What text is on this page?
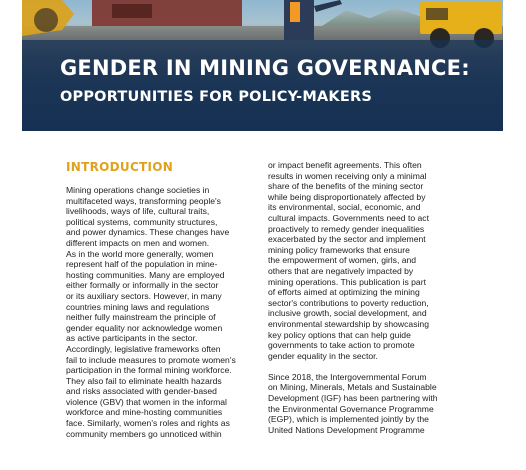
GENDER IN MINING GOVERNANCE:
OPPORTUNITIES FOR POLICY-MAKERS
INTRODUCTION
Mining operations change societies in
multifaceted ways, transforming people's
livelihoods, ways of life, cultural traits,
political systems, community structures,
and power dynamics. These changes have
different impacts on men and women.
As in the world more generally, women
represent half of the population in mine-
hosting communities. Many are employed
either formally or informally in the sector
or its auxiliary sectors. However, in many
countries mining laws and regulations
neither fully mainstream the principle of
gender equality nor acknowledge women
as active participants in the sector.
Accordingly, legislative frameworks often
fail to include measures to promote women's
participation in the formal mining workforce.
They also fail to eliminate health hazards
and risks associated with gender-based
violence (GBV) that women in the informal
workforce and mine-hosting communities
face. Similarly, women's roles and rights as
community members go unnoticed within
or impact benefit agreements. This often
results in women receiving only a minimal
share of the benefits of the mining sector
while being disproportionately affected by
its environmental, social, economic, and
cultural impacts. Governments need to act
proactively to remedy gender inequalities
exacerbated by the sector and implement
mining policy frameworks that ensure
the empowerment of women, girls, and
others that are negatively impacted by
mining operations. This publication is part
of efforts aimed at optimizing the mining
sector's contributions to poverty reduction,
inclusive growth, social development, and
environmental stewardship by showcasing
key policy options that can help guide
governments to take action to promote
gender equality in the sector.
Since 2018, the Intergovernmental Forum
on Mining, Minerals, Metals and Sustainable
Development (IGF) has been partnering with
the Environmental Governance Programme
(EGP), which is implemented jointly by the
United Nations Development Programme
